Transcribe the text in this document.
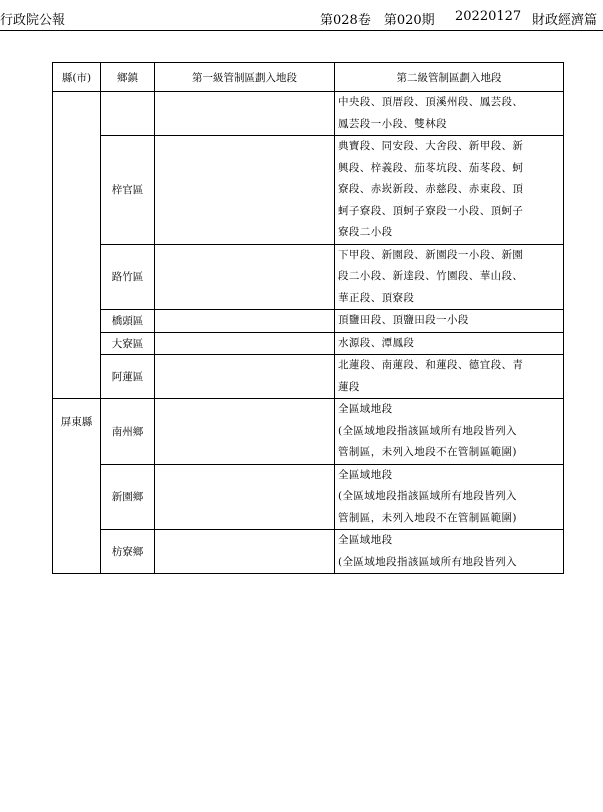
行政院公報	第028卷　第020期 20220127 財政經濟篇
縣(市)	鄉鎮	第一級管制區劃入地段	第二級管制區劃入地段

			中央段、頂厝段、頂溪州段、鳳芸段、
鳳芸段一小段、雙林段

	梓官區		典寶段、同安段、大舍段、新甲段、新
興段、梓義段、茄苳坑段、茄苳段、蚵
寮段、赤崁新段、赤慈段、赤東段、頂
蚵子寮段、頂蚵子寮段一小段、頂蚵子
寮段二小段

	路竹區		下甲段、新園段、新園段一小段、新園
段二小段、新達段、竹園段、華山段、
華正段、頂寮段

	橋頭區		頂鹽田段、頂鹽田段一小段

	大寮區		水源段、潭鳳段

	阿蓮區		北蓮段、南蓮段、和蓮段、德宜段、青
蓮段

屏東縣	南州鄉		全區域地段
(全區域地段指該區域所有地段皆列入
管制區，未列入地段不在管制區範圍)

	新園鄉		全區域地段
(全區域地段指該區域所有地段皆列入
管制區，未列入地段不在管制區範圍)

	枋寮鄉		全區域地段
(全區域地段指該區域所有地段皆列入
